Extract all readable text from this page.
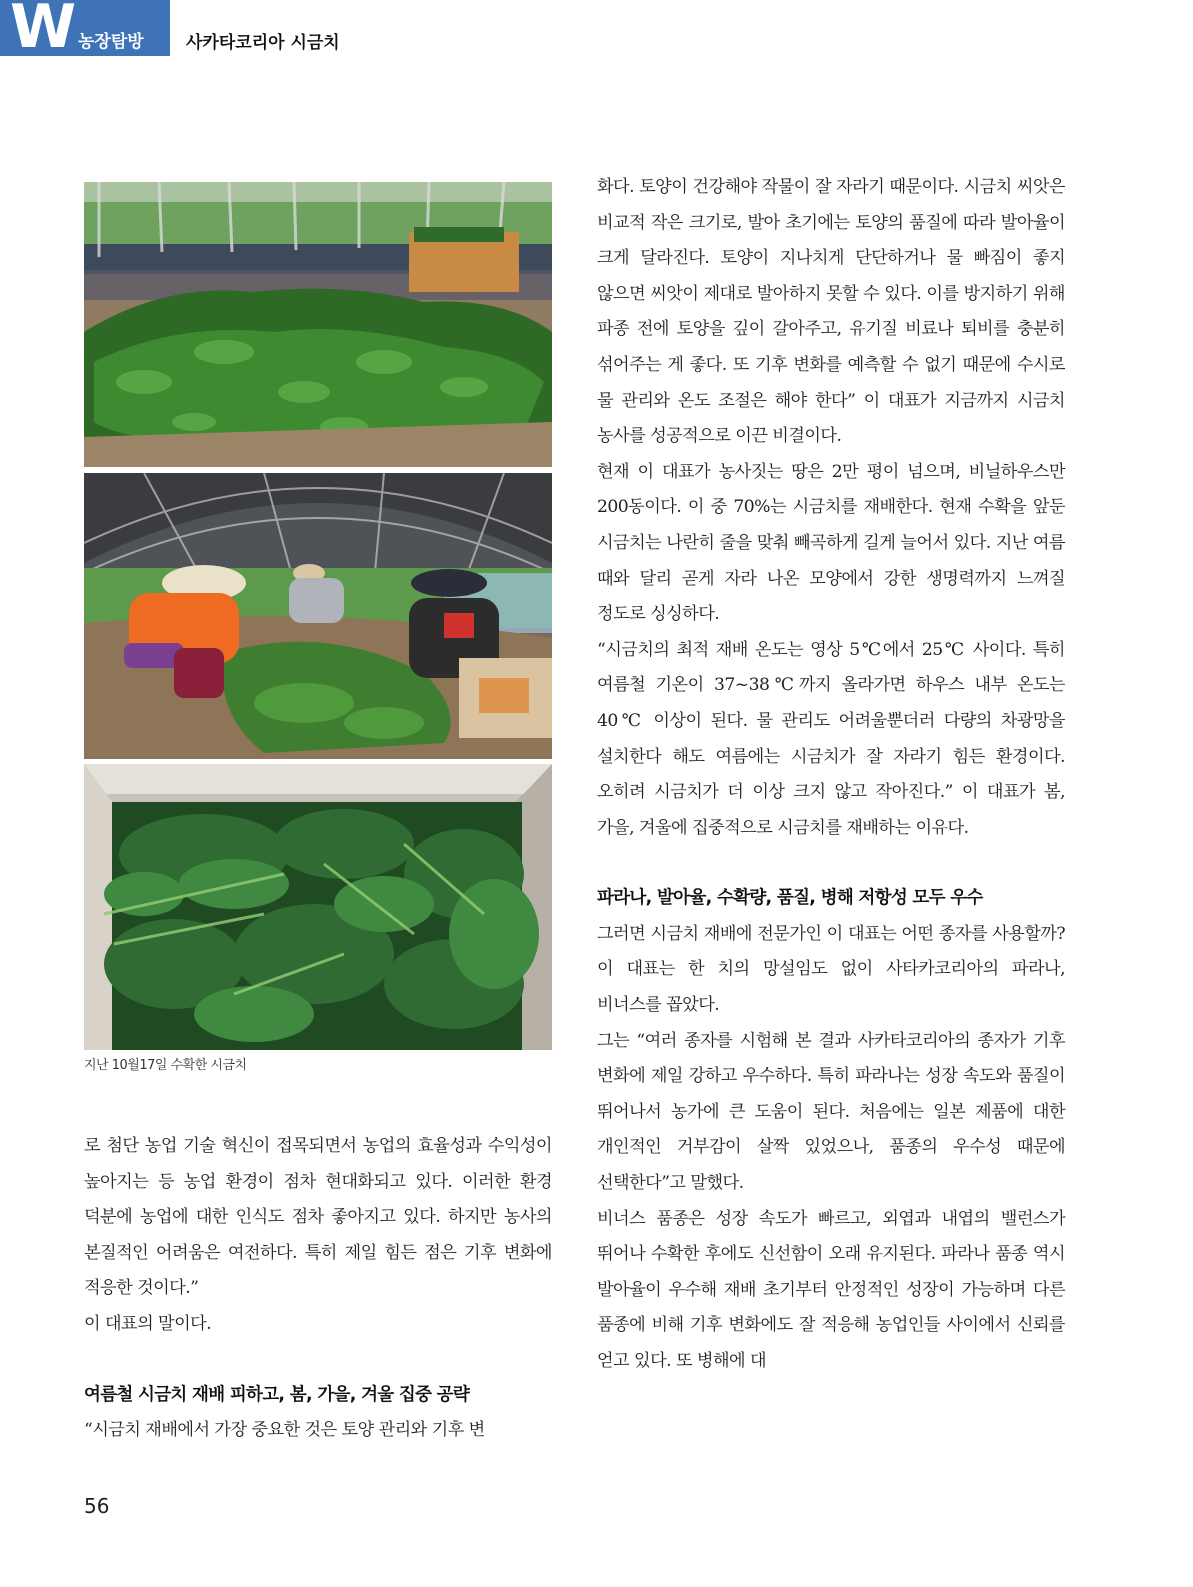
W 농장탐방 사카타코리아 시금치
지난 10월17일 수확한 시금치

로 첨단 농업 기술 혁신이 접목되면서 농업의 효율성과 수익성이 높아지는 등 농업 환경이 점차 현대화되고 있다. 이러한 환경 덕분에 농업에 대한 인식도 점차 좋아지고 있다. 하지만 농사의 본질적인 어려움은 여전하다. 특히 제일 힘든 점은 기후 변화에 적응한 것이다.”

이 대표의 말이다.

여름철 시금치 재배 피하고, 봄, 가을, 겨울 집중 공략

“시금치 재배에서 가장 중요한 것은 토양 관리와 기후 변

화다. 토양이 건강해야 작물이 잘 자라기 때문이다. 시금치 씨앗은 비교적 작은 크기로, 발아 초기에는 토양의 품질에 따라 발아율이 크게 달라진다. 토양이 지나치게 단단하거나 물 빠짐이 좋지 않으면 씨앗이 제대로 발아하지 못할 수 있다. 이를 방지하기 위해 파종 전에 토양을 깊이 갈아주고, 유기질 비료나 퇴비를 충분히 섞어주는 게 좋다. 또 기후 변화를 예측할 수 없기 때문에 수시로 물 관리와 온도 조절은 해야 한다” 이 대표가 지금까지 시금치 농사를 성공적으로 이끈 비결이다.

현재 이 대표가 농사짓는 땅은 2만 평이 넘으며, 비닐하우스만 200동이다. 이 중 70%는 시금치를 재배한다. 현재 수확을 앞둔 시금치는 나란히 줄을 맞춰 빼곡하게 길게 늘어서 있다. 지난 여름 때와 달리 곧게 자라 나온 모양에서 강한 생명력까지 느껴질 정도로 싱싱하다.

“시금치의 최적 재배 온도는 영상 5℃에서 25℃ 사이다. 특히 여름철 기온이 37~38℃까지 올라가면 하우스 내부 온도는 40℃ 이상이 된다. 물 관리도 어려울뿐더러 다량의 차광망을 설치한다 해도 여름에는 시금치가 잘 자라기 힘든 환경이다. 오히려 시금치가 더 이상 크지 않고 작아진다.” 이 대표가 봄, 가을, 겨울에 집중적으로 시금치를 재배하는 이유다.

파라나, 발아율, 수확량, 품질, 병해 저항성 모두 우수

그러면 시금치 재배에 전문가인 이 대표는 어떤 종자를 사용할까? 이 대표는 한 치의 망설임도 없이 사타카코리아의 파라나, 비너스를 꼽았다.

그는 “여러 종자를 시험해 본 결과 사카타코리아의 종자가 기후 변화에 제일 강하고 우수하다. 특히 파라나는 성장 속도와 품질이 뛰어나서 농가에 큰 도움이 된다. 처음에는 일본 제품에 대한 개인적인 거부감이 살짝 있었으나, 품종의 우수성 때문에 선택한다”고 말했다.

비너스 품종은 성장 속도가 빠르고, 외엽과 내엽의 밸런스가 뛰어나 수확한 후에도 신선함이 오래 유지된다. 파라나 품종 역시 발아율이 우수해 재배 초기부터 안정적인 성장이 가능하며 다른 품종에 비해 기후 변화에도 잘 적응해 농업인들 사이에서 신뢰를 얻고 있다. 또 병해에 대

56
